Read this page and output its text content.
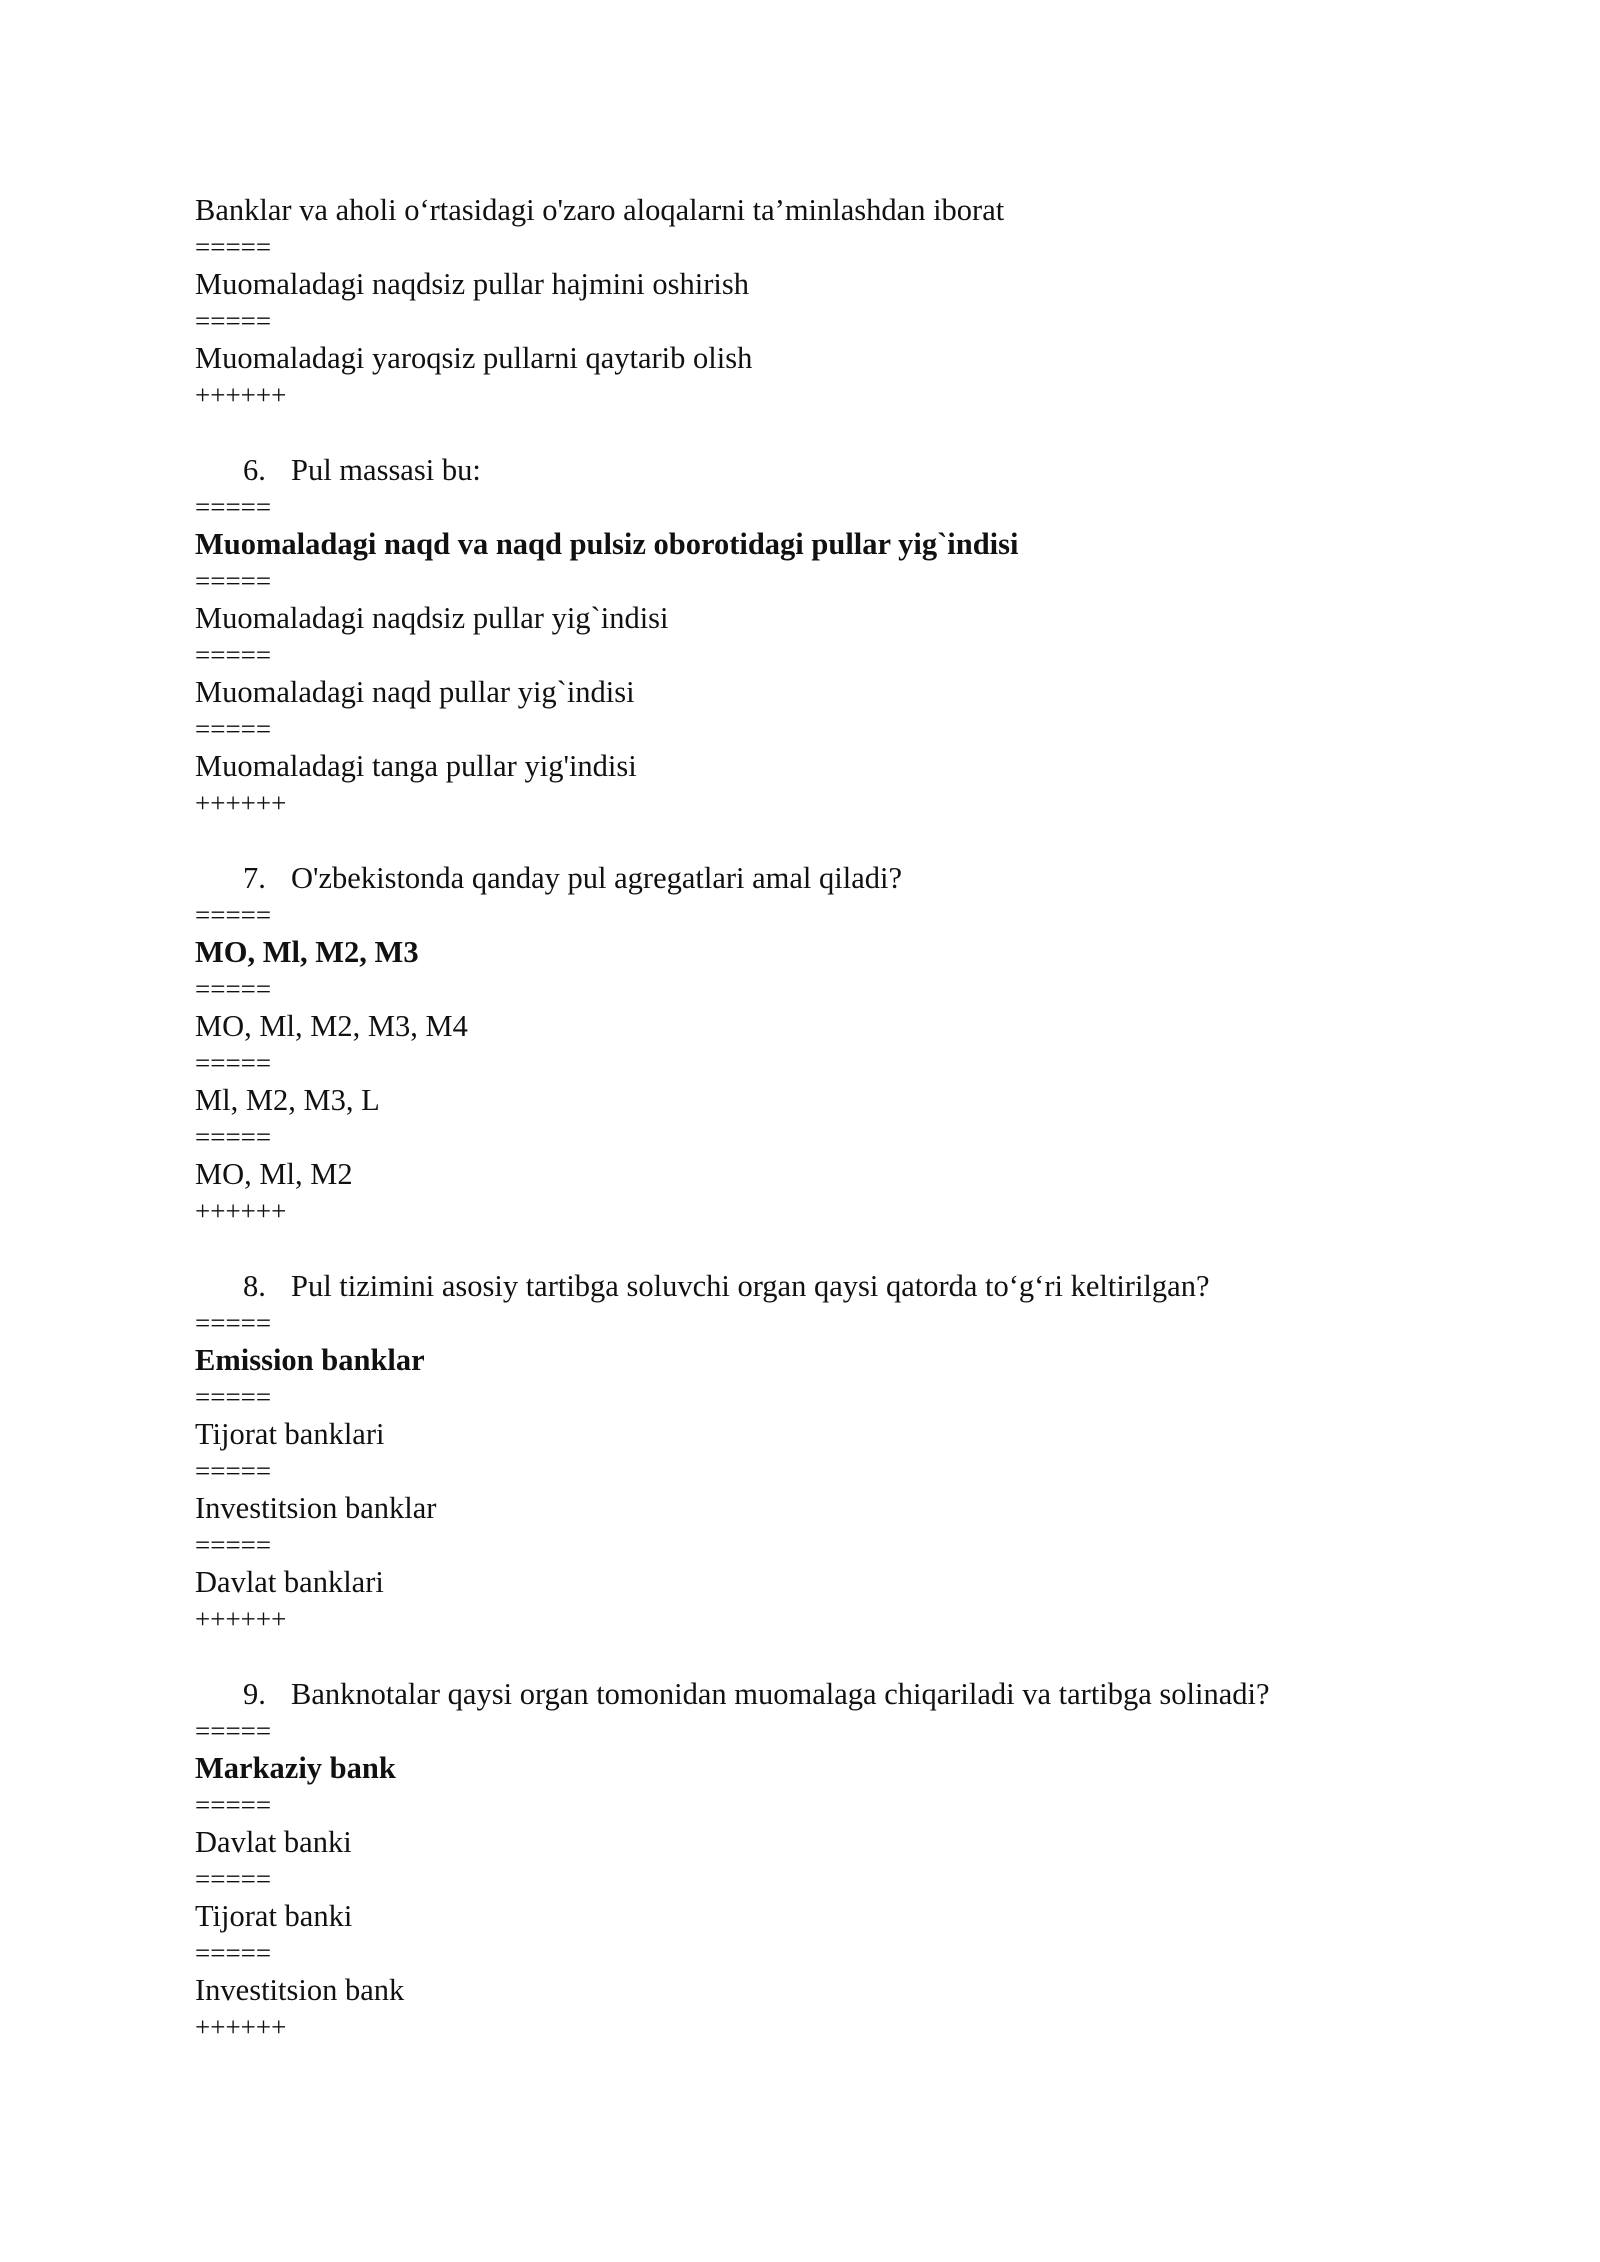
Banklar va aholi o‘rtasidagi o'zaro aloqalarni ta’minlashdan iborat
=====
Muomaladagi naqdsiz pullar hajmini oshirish
=====
Muomaladagi yaroqsiz pullarni qaytarib olish
++++++
6. Pul massasi bu:
=====
Muomaladagi naqd va naqd pulsiz oborotidagi pullar yig`indisi
=====
Muomaladagi naqdsiz pullar yig`indisi
=====
Muomaladagi naqd pullar yig`indisi
=====
Muomaladagi tanga pullar yig'indisi
++++++
7. O'zbekistonda qanday pul agregatlari amal qiladi?
=====
MO, Ml, M2, M3
=====
MO, Ml, M2, M3, M4
=====
Ml, M2, M3, L
=====
MO, Ml, M2
++++++
8. Pul tizimini asosiy tartibga soluvchi organ qaysi qatorda to‘g‘ri keltirilgan?
=====
Emission banklar
=====
Tijorat banklari
=====
Investitsion banklar
=====
Davlat banklari
++++++
9. Banknotalar qaysi organ tomonidan muomalaga chiqariladi va tartibga solinadi?
=====
Markaziy bank
=====
Davlat banki
=====
Tijorat banki
=====
Investitsion bank
++++++
